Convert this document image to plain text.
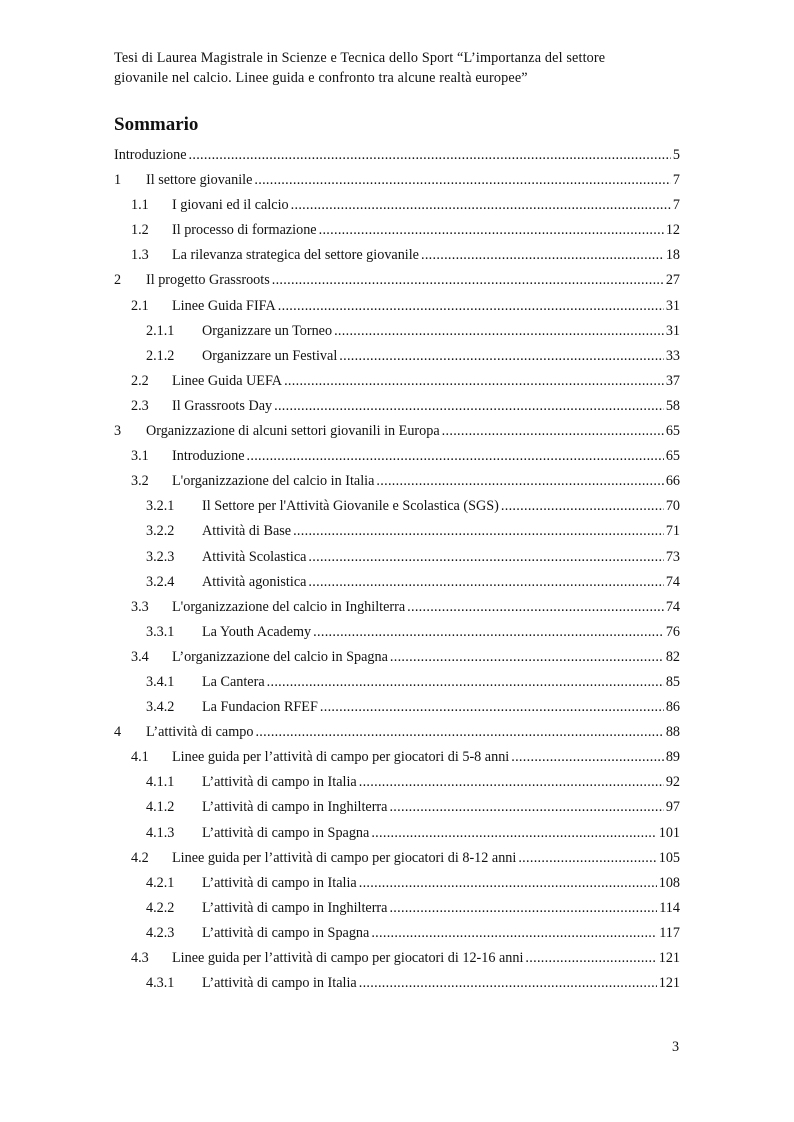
Tesi di Laurea Magistrale in Scienze e Tecnica dello Sport “L’importanza del settore
giovanile nel calcio. Linee guida e confronto tra alcune realtà europee”
Sommario
Introduzione .....	5
1	Il settore giovanile .....	7
1.1	I giovani ed il calcio .....	7
1.2	Il processo di formazione .....	12
1.3	La rilevanza strategica del settore giovanile .....	18
2	Il progetto Grassroots .....	27
2.1	Linee Guida FIFA .....	31
2.1.1	Organizzare un Torneo .....	31
2.1.2	Organizzare un Festival .....	33
2.2	Linee Guida UEFA .....	37
2.3	Il Grassroots Day .....	58
3	Organizzazione di alcuni settori giovanili in Europa .....	65
3.1	Introduzione .....	65
3.2	L'organizzazione del calcio in Italia .....	66
3.2.1	Il Settore per l'Attività Giovanile e Scolastica (SGS) .....	70
3.2.2	Attività di Base .....	71
3.2.3	Attività Scolastica .....	73
3.2.4	Attività agonistica .....	74
3.3	L'organizzazione del calcio in Inghilterra .....	74
3.3.1	La Youth Academy .....	76
3.4	L’organizzazione del calcio in Spagna .....	82
3.4.1	La Cantera .....	85
3.4.2	La Fundacion RFEF .....	86
4	L’attività di campo .....	88
4.1	Linee guida per l’attività di campo per giocatori di 5-8 anni .....	89
4.1.1	L’attività di campo in Italia .....	92
4.1.2	L’attività di campo in Inghilterra .....	97
4.1.3	L’attività di campo in Spagna .....	101
4.2	Linee guida per l’attività di campo per giocatori di 8-12 anni .....	105
4.2.1	L’attività di campo in Italia .....	108
4.2.2	L’attività di campo in Inghilterra .....	114
4.2.3	L’attività di campo in Spagna .....	117
4.3	Linee guida per l’attività di campo per giocatori di 12-16 anni .....	121
4.3.1	L’attività di campo in Italia .....	121
3
